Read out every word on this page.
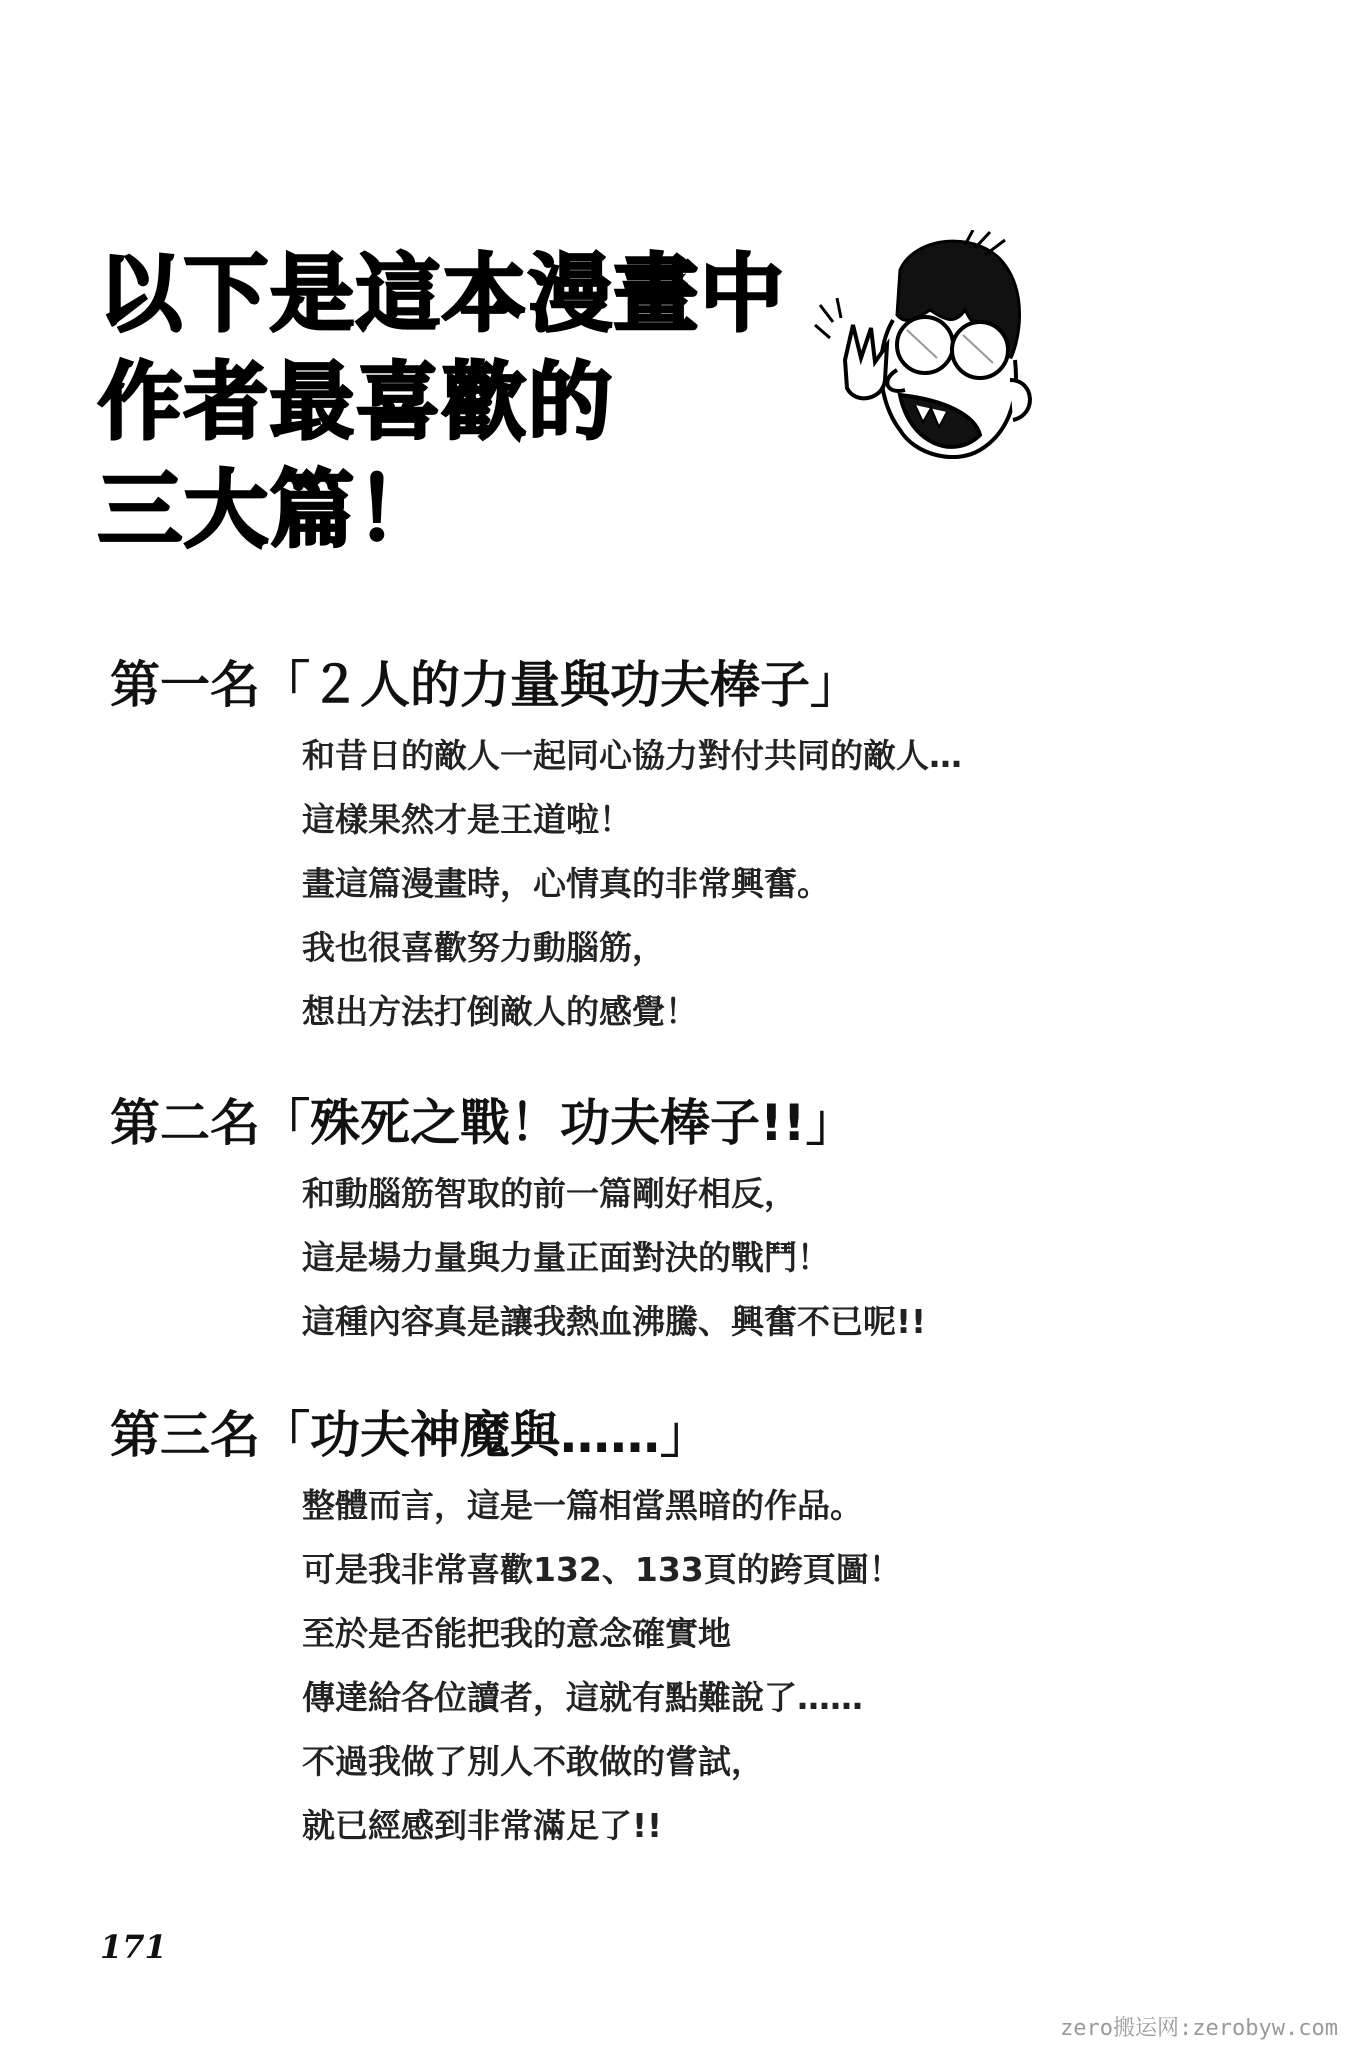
以下是這本漫畫中
作者最喜歡的
三大篇！
第一名「２人的力量與功夫棒子」
和昔日的敵人一起同心協力對付共同的敵人…
這樣果然才是王道啦！
畫這篇漫畫時，心情真的非常興奮。
我也很喜歡努力動腦筋，
想出方法打倒敵人的感覺！
第二名「殊死之戰！功夫棒子!!」
和動腦筋智取的前一篇剛好相反，
這是場力量與力量正面對決的戰鬥！
這種內容真是讓我熱血沸騰、興奮不已呢!!
第三名「功夫神魔與……」
整體而言，這是一篇相當黑暗的作品。
可是我非常喜歡132、133頁的跨頁圖！
至於是否能把我的意念確實地
傳達給各位讀者，這就有點難說了……
不過我做了別人不敢做的嘗試，
就已經感到非常滿足了!!
171
zero搬运网:zerobyw.com
